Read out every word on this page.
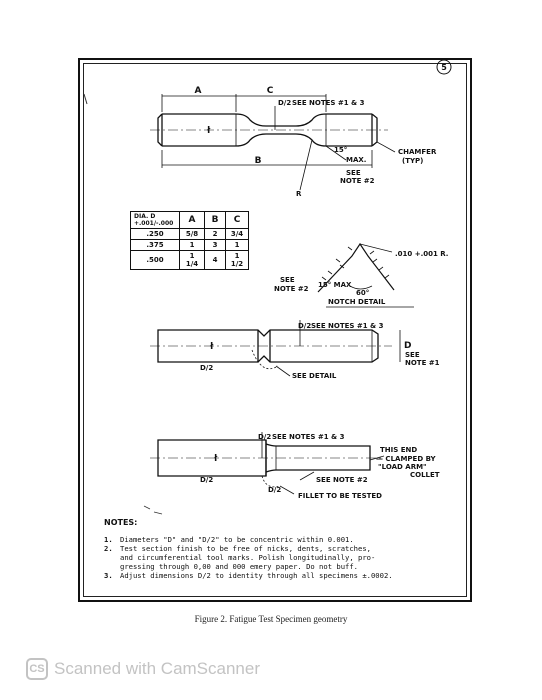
5
A	C
B
D/2 SEE NOTES #1 & 3
ł
CHAMFER
(TYP)
15°
MAX.
SEE
NOTE #2
R
.010 +.001 R.
60°
15° MAX
SEE
NOTE #2
NOTCH DETAIL
D/2 SEE NOTES #1 & 3
D
SEE
NOTE #1
D/2
SEE DETAIL
ł
D/2 SEE NOTES #1 & 3
D/2
D/2
THIS END
— CLAMPED BY
"LOAD ARM"
COLLET
SEE NOTE #2
FILLET TO BE TESTED
ł
DIA. D +.001/-.000	A	B	C
.250	5/8	2	3/4
.375	1	3	1
.500	1 1/4	4	1 1/2
NOTES:
1.	Diameters "D" and "D/2" to be concentric within 0.001.
2.	Test section finish to be free of nicks, dents, scratches,
and circumferential tool marks. Polish longitudinally, pro-
gressing through 0,00 and 000 emery paper. Do not buff.
3.	Adjust dimensions D/2 to identity through all specimens ±.0002.
Figure 2. Fatigue Test Specimen geometry
CS Scanned with CamScanner
